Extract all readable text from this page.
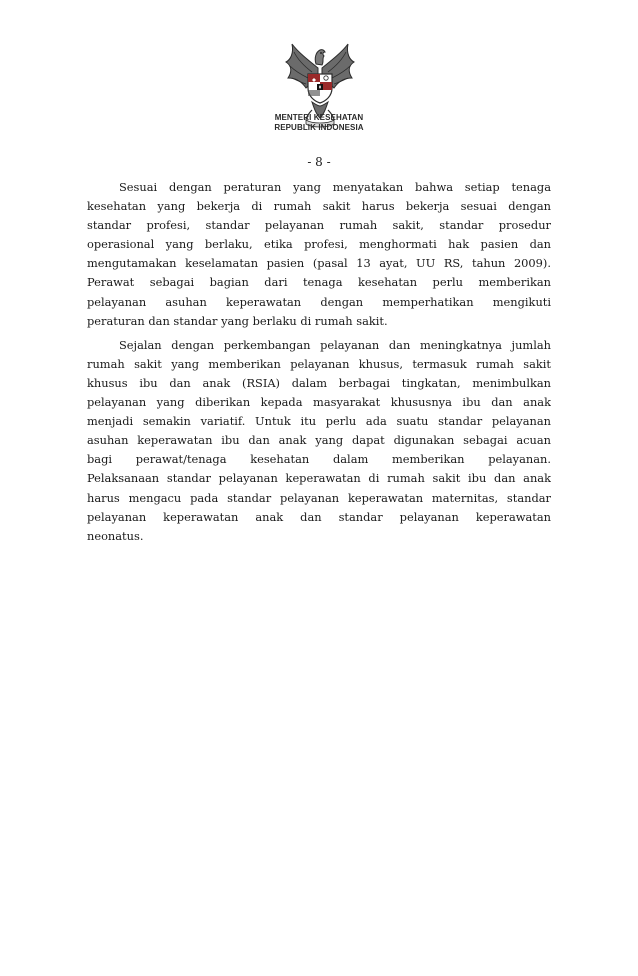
MENTERI KESEHATAN
REPUBLIK INDONESIA
- 8 -
Sesuai dengan peraturan yang menyatakan bahwa setiap tenaga
kesehatan yang bekerja di rumah sakit harus bekerja sesuai dengan
standar profesi, standar pelayanan rumah sakit, standar prosedur
operasional yang berlaku, etika profesi, menghormati hak pasien dan
mengutamakan keselamatan pasien (pasal 13 ayat, UU RS, tahun 2009).
Perawat sebagai bagian dari tenaga kesehatan perlu memberikan
pelayanan asuhan keperawatan dengan memperhatikan mengikuti
peraturan dan standar yang berlaku di rumah sakit.
Sejalan dengan perkembangan pelayanan dan meningkatnya jumlah
rumah sakit yang memberikan pelayanan khusus, termasuk rumah sakit
khusus ibu dan anak (RSIA) dalam berbagai tingkatan, menimbulkan
pelayanan yang diberikan kepada masyarakat khususnya ibu dan anak
menjadi semakin variatif. Untuk itu perlu ada suatu standar pelayanan
asuhan keperawatan ibu dan anak yang dapat digunakan sebagai acuan
bagi perawat/tenaga kesehatan dalam memberikan pelayanan.
Pelaksanaan standar pelayanan keperawatan di rumah sakit ibu dan anak
harus mengacu pada standar pelayanan keperawatan maternitas, standar
pelayanan keperawatan anak dan standar pelayanan keperawatan
neonatus.
